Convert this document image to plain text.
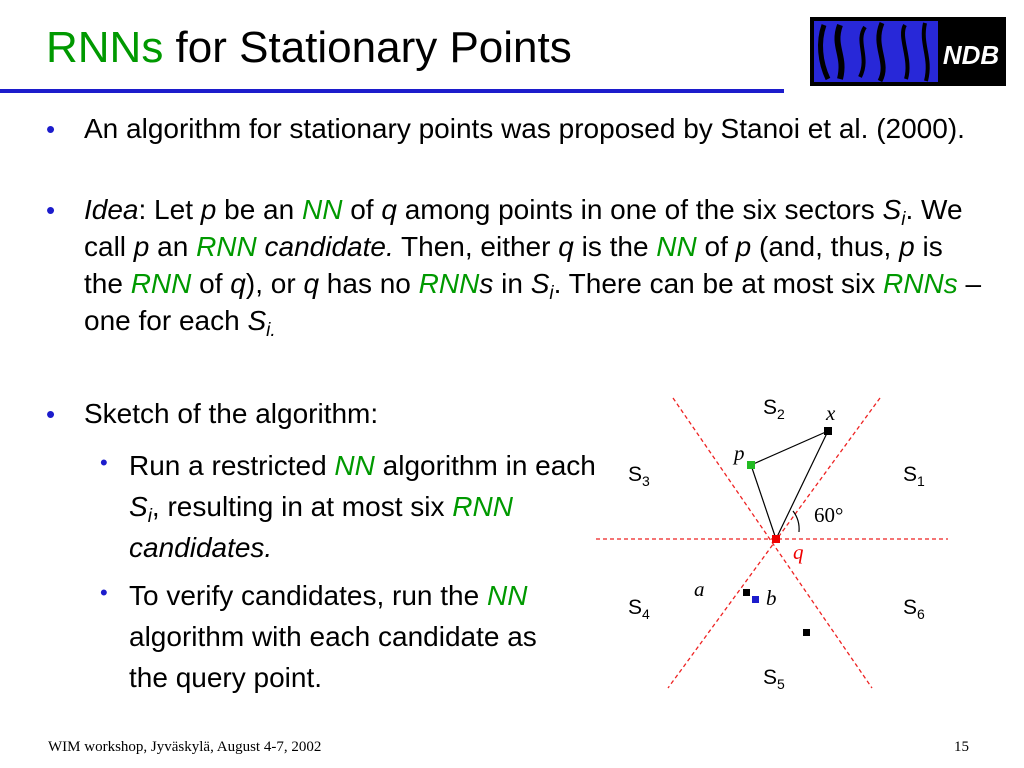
RNNs for Stationary Points	NDB
• An algorithm for stationary points was proposed by Stanoi et al. (2000).
• Idea: Let p be an NN of q among points in one of the six sectors $S_i$. We call p an RNN candidate. Then, either q is the NN of p (and, thus, p is the RNN of q), or q has no RNNs in $S_i$. There can be at most six RNNs – one for each $S_{i.}$
• Sketch of the algorithm:
• Run a restricted NN algorithm in each $S_i$, resulting in at most six RNN candidates.
• To verify candidates, run the NN algorithm with each candidate as the query point.
$S_2$
$S_1$
$S_3$
$S_4$	$S_6$
$S_5$
x
p
q
a	b
60°
WIM workshop, Jyväskylä, August 4-7, 2002	15
